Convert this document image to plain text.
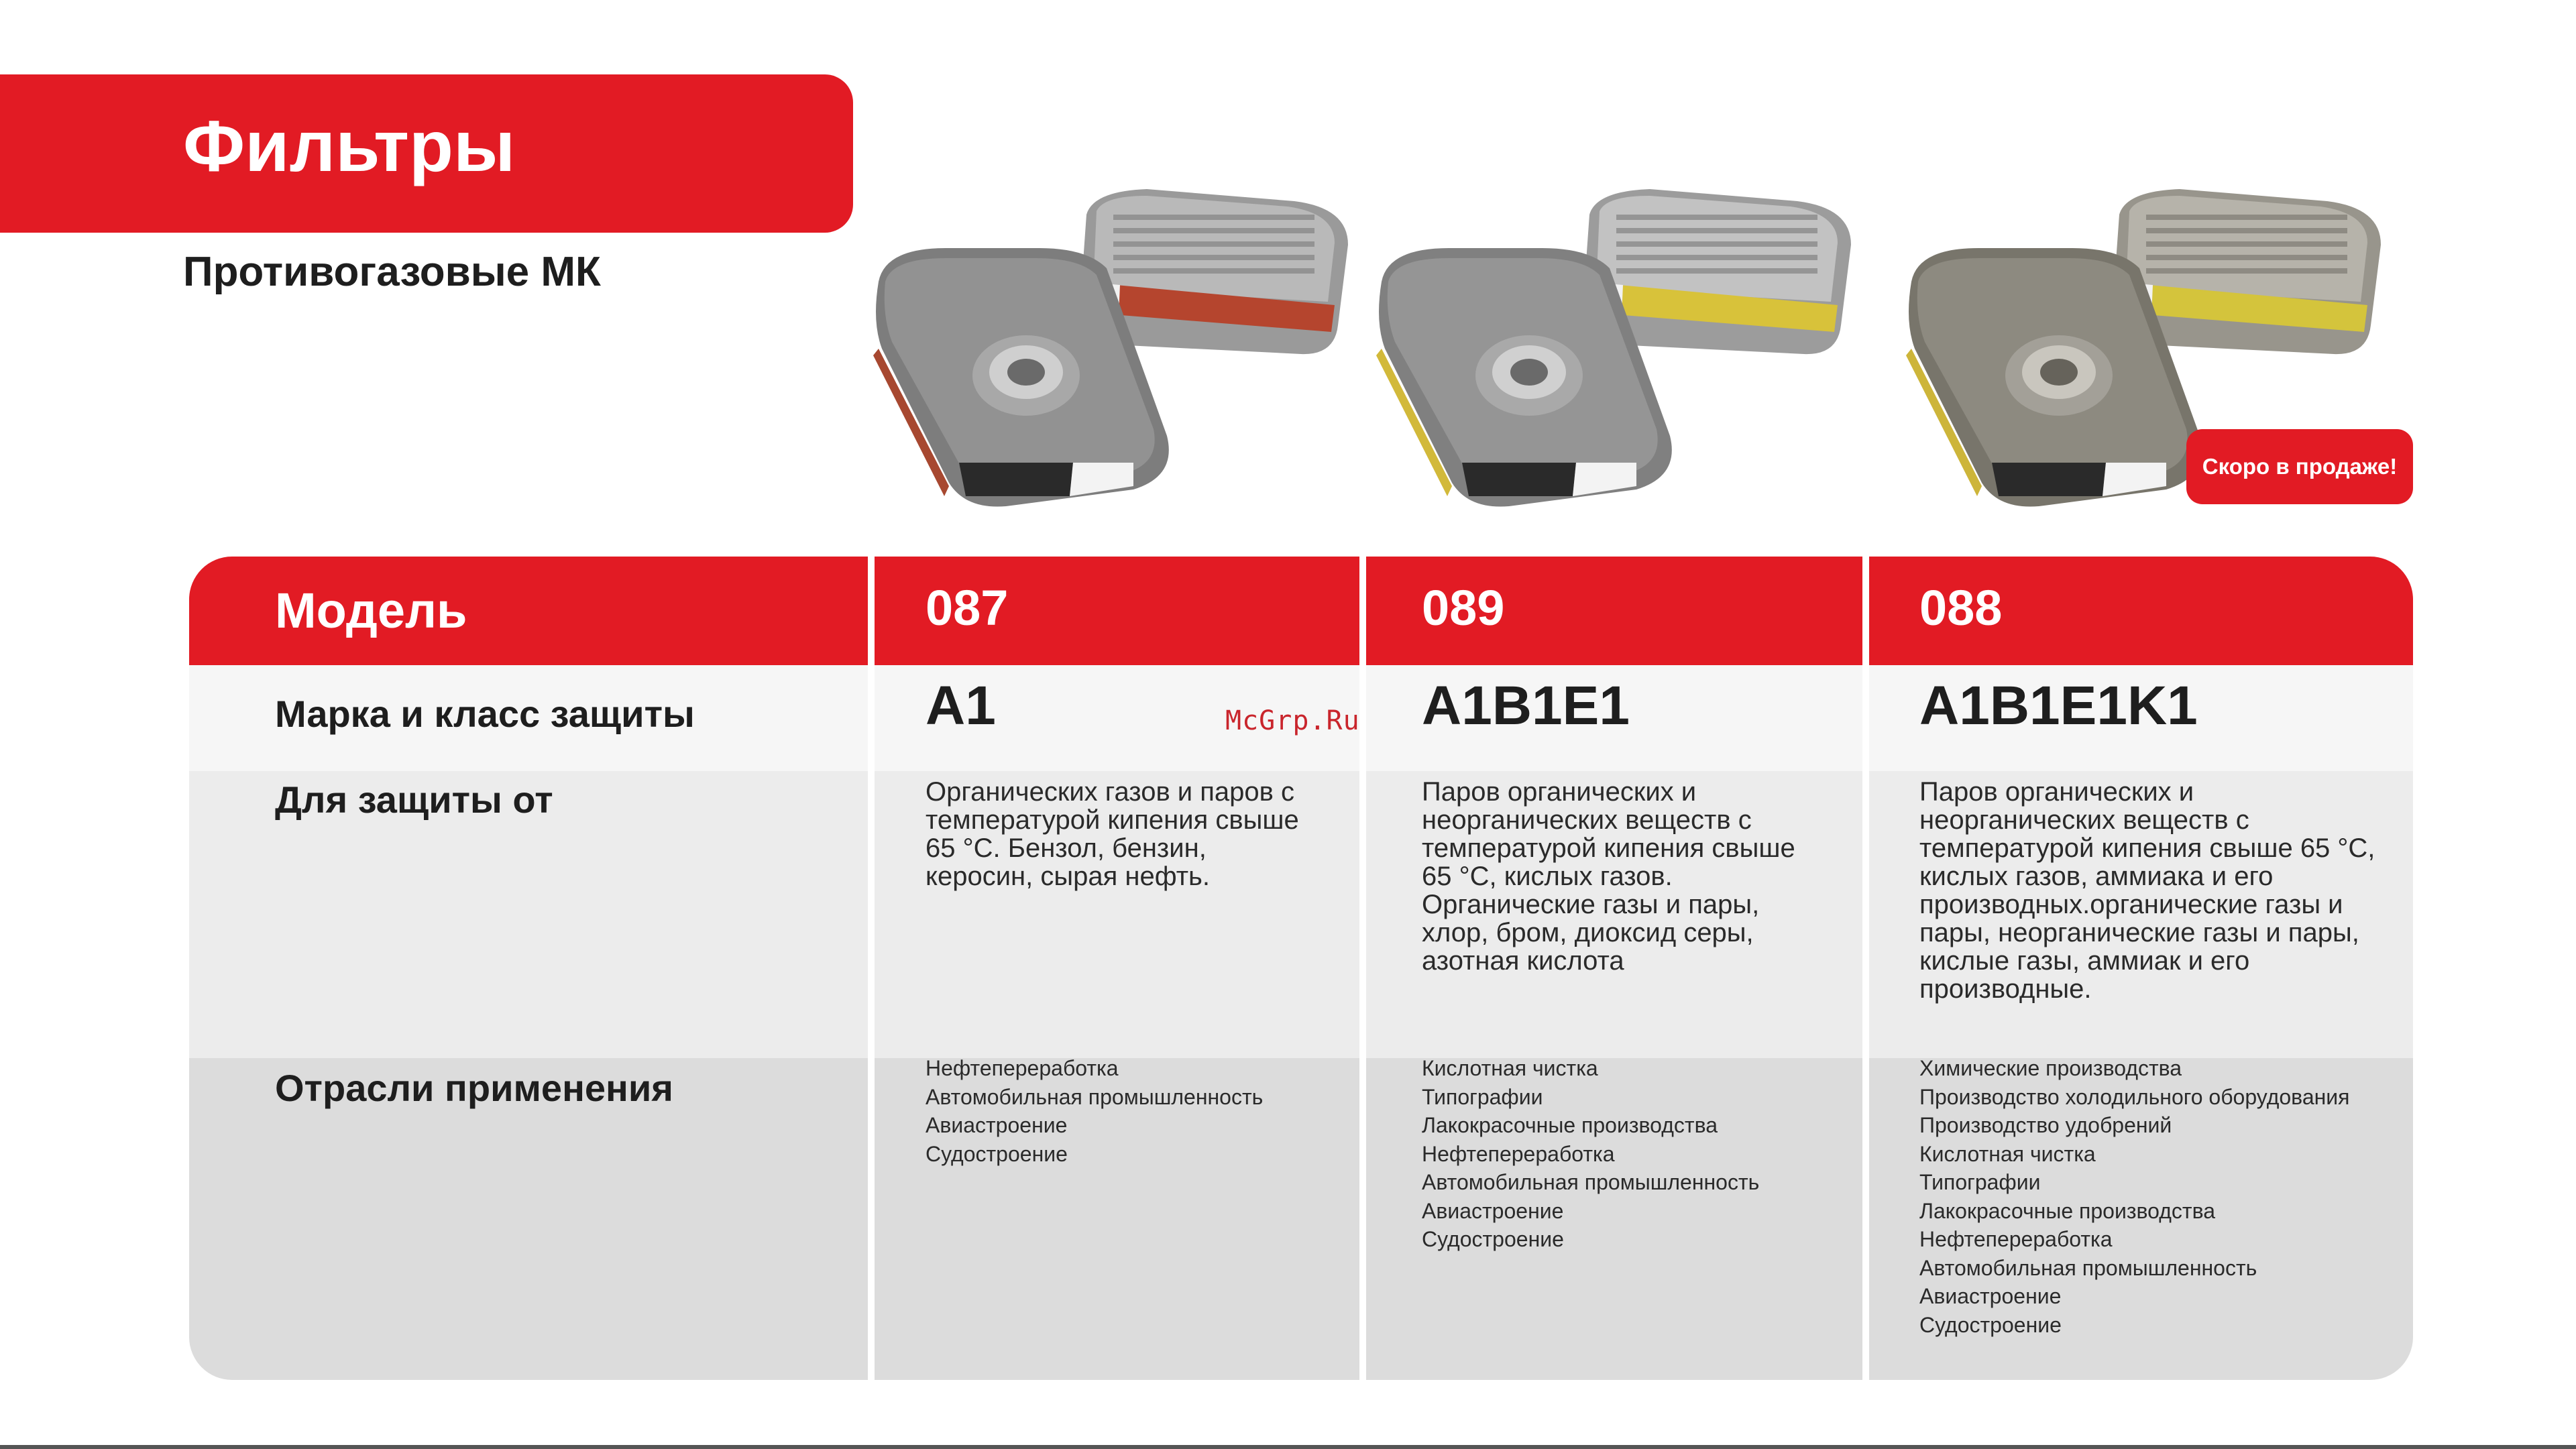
Фильтры
Противогазовые МК
Скоро в продаже!
Модель
Марка и класс защиты
Для защиты от
Отрасли применения
087
A1
Органических газов и паров с температурой кипения свыше 65 °С. Бензол, бензин, керосин, сырая нефть.
Нефтепереработка
Автомобильная промышленность
Авиастроение
Судостроение
089
A1B1E1
Паров органических и неорганических веществ с температурой кипения свыше 65 °С, кислых газов. Органические газы и пары, хлор, бром, диоксид серы, азотная кислота
Кислотная чистка
Типографии
Лакокрасочные производства
Нефтепереработка
Автомобильная промышленность
Авиастроение
Судостроение
088
A1B1E1K1
Паров органических и неорганических веществ с температурой кипения свыше 65 °С, кислых газов, аммиака и его производных.органические газы и пары, неорганические газы и пары, кислые газы, аммиак и его производные.
Химические производства
Производство холодильного оборудования
Производство удобрений
Кислотная чистка
Типографии
Лакокрасочные производства
Нефтепереработка
Автомобильная промышленность
Авиастроение
Судостроение
McGrp.Ru
